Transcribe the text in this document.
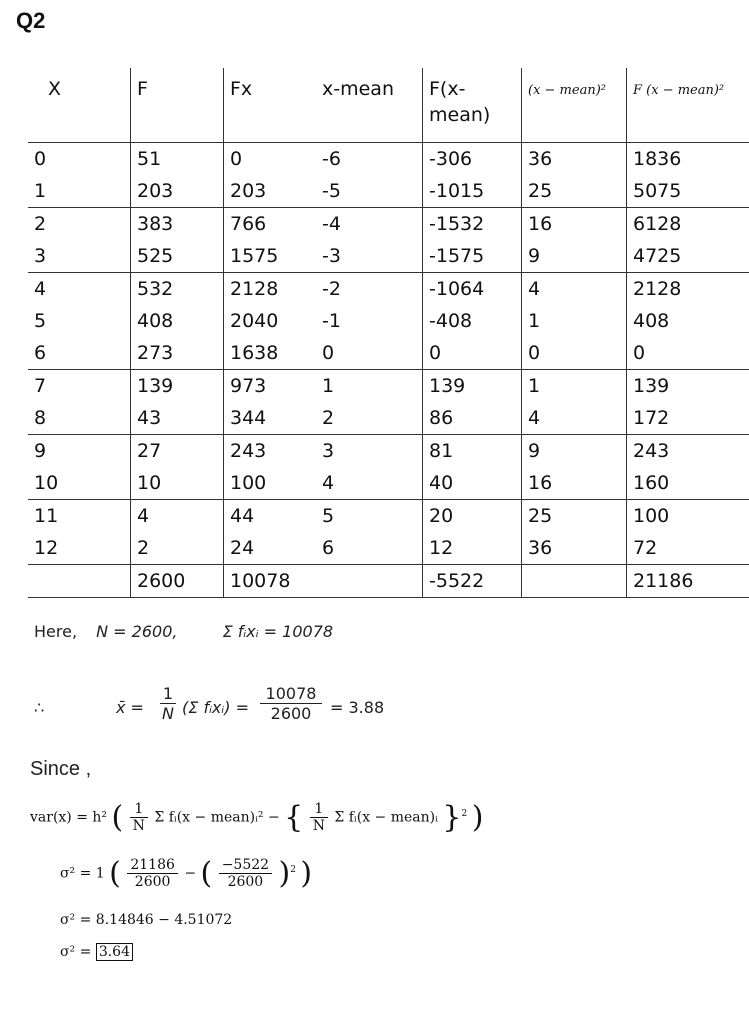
Q2
X	F	Fx	x-mean	F(x-
mean)	(x − mean)²	F (x − mean)²
0	51	0	-6	-306	36	1836
1	203	203	-5	-1015	25	5075
2	383	766	-4	-1532	16	6128
3	525	1575	-3	-1575	9	4725
4	532	2128	-2	-1064	4	2128
5	408	2040	-1	-408	1	408
6	273	1638	0	0	0	0
7	139	973	1	139	1	139
8	43	344	2	86	4	172
9	27	243	3	81	9	243
10	10	100	4	40	16	160
11	4	44	5	20	25	100
12	2	24	6	12	36	72
	2600	10078		-5522		21186
Here, N = 2600,	Σ fᵢxᵢ = 10078
∴	x̄ = $\frac{1}{N} (\Sigma$ fᵢxᵢ) = $\frac{10078}{2600} = 3.88$
Since ,
var(x) = h² ( $\frac{1}{N}$ Σ fᵢ(x − mean)ᵢ² − { $\frac{1}{N}$ Σ fᵢ(x − mean)ᵢ }$^2$ )
σ² = 1 ( $\frac{21186}{2600}$ − ( $\frac{-5522}{2600} )^2$ )
σ² = 8.14846 − 4.51072
σ² = 3.64
